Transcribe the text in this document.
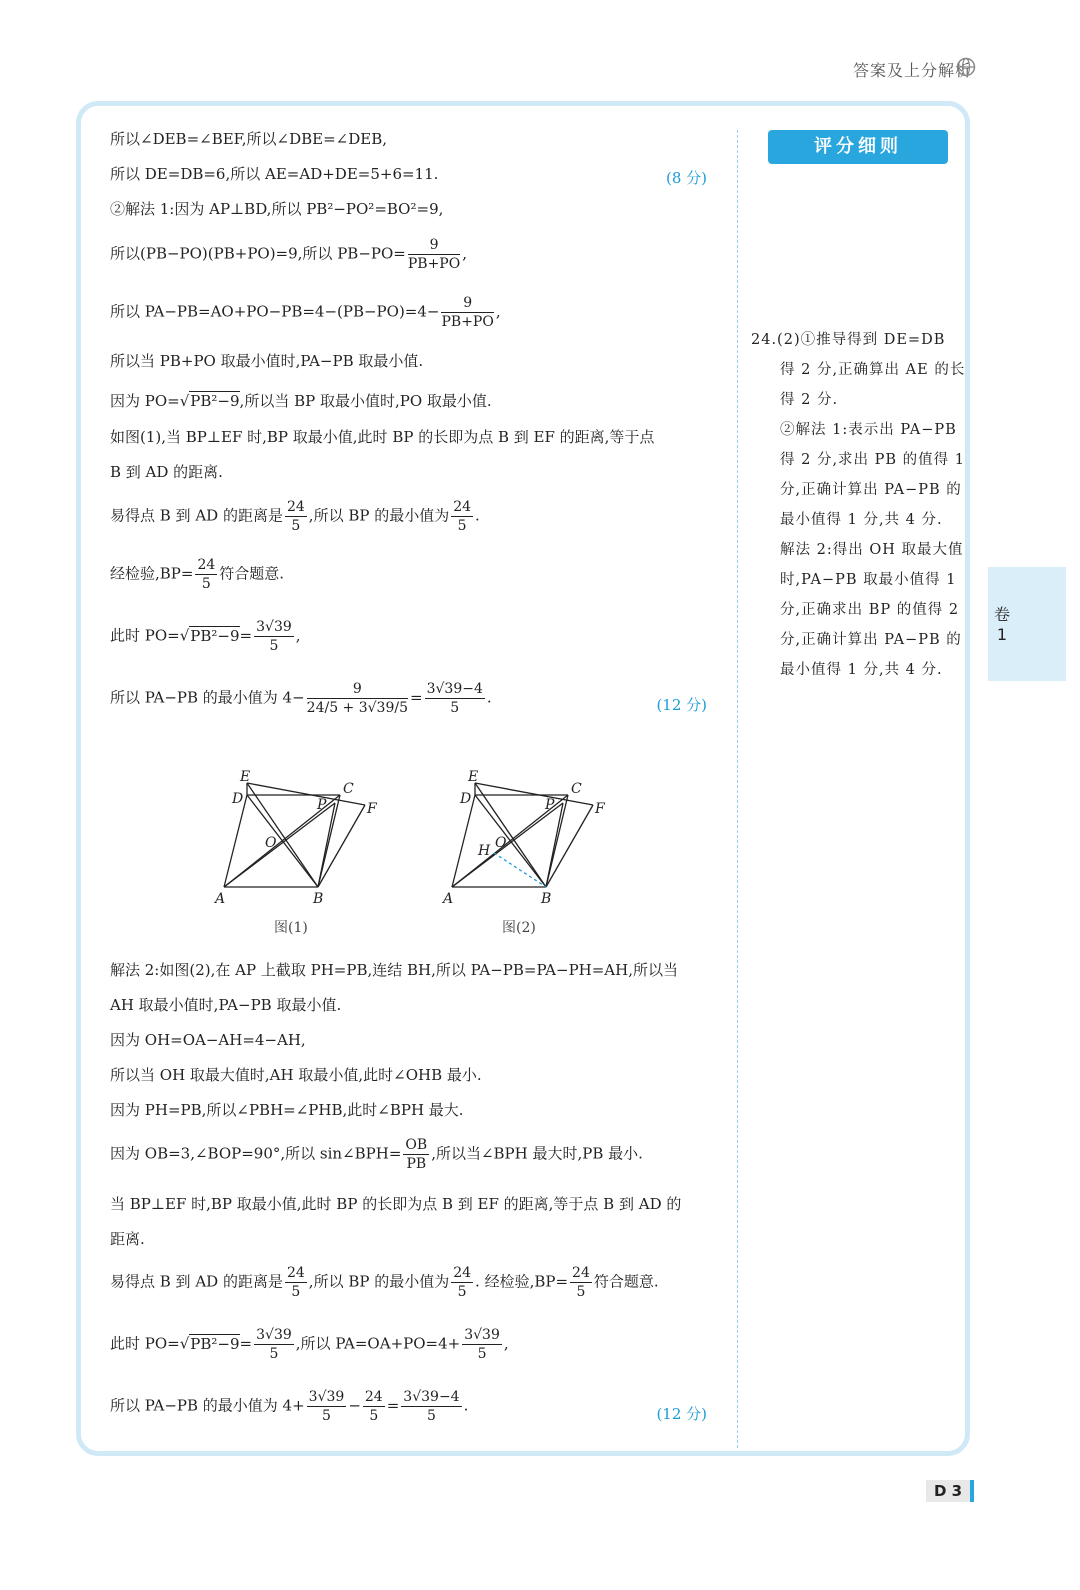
答案及上分解析
所以∠DEB=∠BEF,所以∠DBE=∠DEB,
所以 DE=DB=6,所以 AE=AD+DE=5+6=11.	(8 分)
②解法 1:因为 AP⊥BD,所以 PB²−PO²=BO²=9,
所以(PB−PO)(PB+PO)=9,所以 $PB-PO= \frac{9}{PB+PO}$ ,
所以 $PA-PB=AO+PO-PB=4-(PB-PO)=4- \frac{9}{PB+PO}$ ,
所以当 PB+PO 取最小值时,PA−PB 取最小值.
因为 PO=√PB²−9,所以当 BP 取最小值时,PO 取最小值.
如图(1),当 BP⊥EF 时,BP 取最小值,此时 BP 的长即为点 B 到 EF 的距离,等于点
B 到 AD 的距离.
易得点 B 到 AD 的距离是 $\frac{24}{5}$ ,所以 BP 的最小值为 $\frac{24}{5}$ .
经检验$,BP= \frac{24}{5}$ 符合题意.
此时 $PO=√PB^2-9= \frac{3√39}{5}$ ,
所以 PA−PB 的最小值为 $4- \frac{9}{24/5 + 3√39/5} = \frac{3√39-4}{5}$ .	(12 分)
E
D
C
P	F
O
A	B
图(1)
E
D
C
P	F
O
H
A	B
图(2)
解法 2:如图(2),在 AP 上截取 PH=PB,连结 BH,所以 PA−PB=PA−PH=AH,所以当
AH 取最小值时,PA−PB 取最小值.
因为 OH=OA−AH=4−AH,
所以当 OH 取最大值时,AH 取最小值,此时∠OHB 最小.
因为 PH=PB,所以∠PBH=∠PHB,此时∠BPH 最大.
因为 OB=3,∠BOP=90°,所以 sin∠BPH= $\frac{OB}{PB}$ ,所以当∠BPH 最大时,PB 最小.
当 BP⊥EF 时,BP 取最小值,此时 BP 的长即为点 B 到 EF 的距离,等于点 B 到 AD 的
距离.
易得点 B 到 AD 的距离是 $\frac{24}{5}$ ,所以 BP 的最小值为 $\frac{24}{5}$ . 经检验$,BP= \frac{24}{5}$ 符合题意.
此时 $PO=√PB^2-9= \frac{3√39}{5}$ ,所以 $PA=OA+PO=4+ \frac{3√39}{5}$ ,
所以 PA−PB 的最小值为 $4+ \frac{3√39}{5} - \frac{24}{5} = \frac{3√39-4}{5}$ .	(12 分)
评分细则
24.(2)①推导得到 DE=DB
得 2 分,正确算出 AE 的长
得 2 分.
②解法 1:表示出 PA−PB
得 2 分,求出 PB 的值得 1
分,正确计算出 PA−PB 的
最小值得 1 分,共 4 分.
解法 2:得出 OH 取最大值
时,PA−PB 取最小值得 1
分,正确求出 BP 的值得 2
分,正确计算出 PA−PB 的
最小值得 1 分,共 4 分.
卷
1
D 3
